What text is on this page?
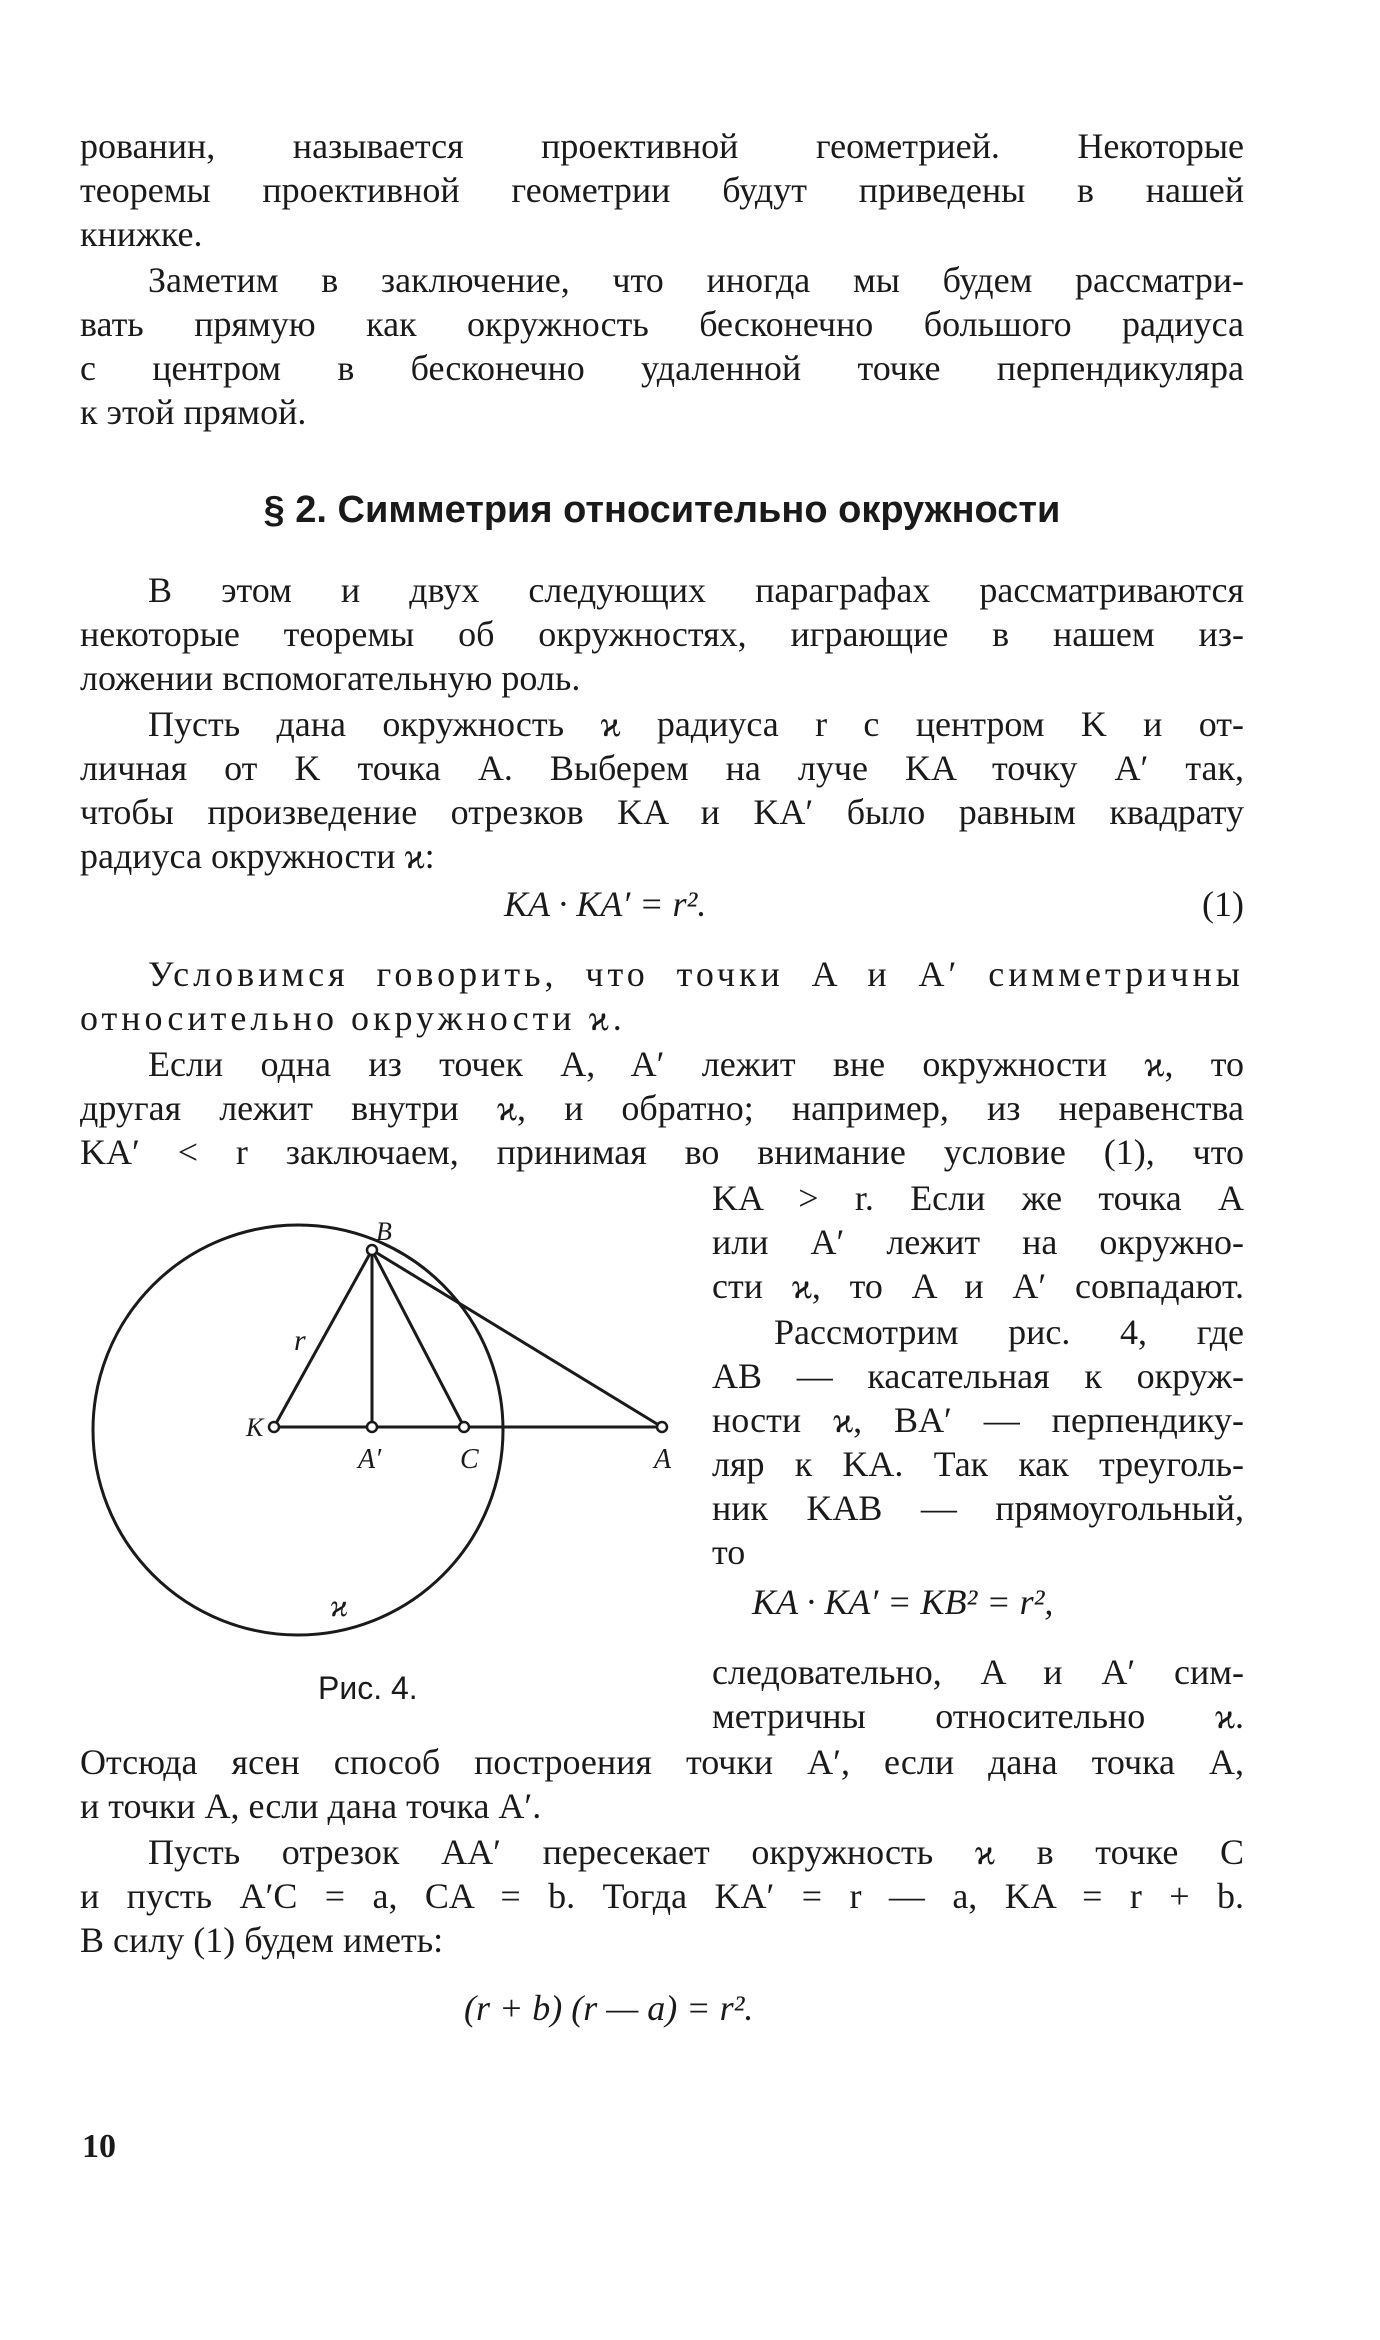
рованин, называется проективной геометрией. Некоторые
теоремы проективной геометрии будут приведены в нашей
книжке.
Заметим в заключение, что иногда мы будем рассматри-
вать прямую как окружность бесконечно большого радиуса
с центром в бесконечно удаленной точке перпендикуляра
к этой прямой.
§ 2. Симметрия относительно окружности
В этом и двух следующих параграфах рассматриваются
некоторые теоремы об окружностях, играющие в нашем из-
ложении вспомогательную роль.
Пусть дана окружность ϰ радиуса r с центром K и от-
личная от K точка A. Выберем на луче KA точку A′ так,
чтобы произведение отрезков KA и KA′ было равным квадрату
радиуса окружности ϰ:
KA · KA′ = r².	(1)
Условимся говорить, что точки A и A′ симметричны
относительно окружности ϰ.
Если одна из точек A, A′ лежит вне окружности ϰ, то
другая лежит внутри ϰ, и обратно; например, из неравенства
KA′ < r заключаем, принимая во внимание условие (1), что
KA > r. Если же точка A
или A′ лежит на окружно-
сти ϰ, то A и A′ совпадают.
Рассмотрим рис. 4, где
AB — касательная к окруж-
ности ϰ, BA′ — перпендику-
ляр к KA. Так как треуголь-
ник KAB — прямоугольный,
то
KA · KA′ = KB² = r²,
следовательно, A и A′ сим-
метричны относительно ϰ.
B
r
K
A′	C	A
ϰ
Рис. 4.
Отсюда ясен способ построения точки A′, если дана точка A,
и точки A, если дана точка A′.
Пусть отрезок AA′ пересекает окружность ϰ в точке C
и пусть A′C = a, CA = b. Тогда KA′ = r — a, KA = r + b.
В силу (1) будем иметь:
(r + b) (r — a) = r².
10
